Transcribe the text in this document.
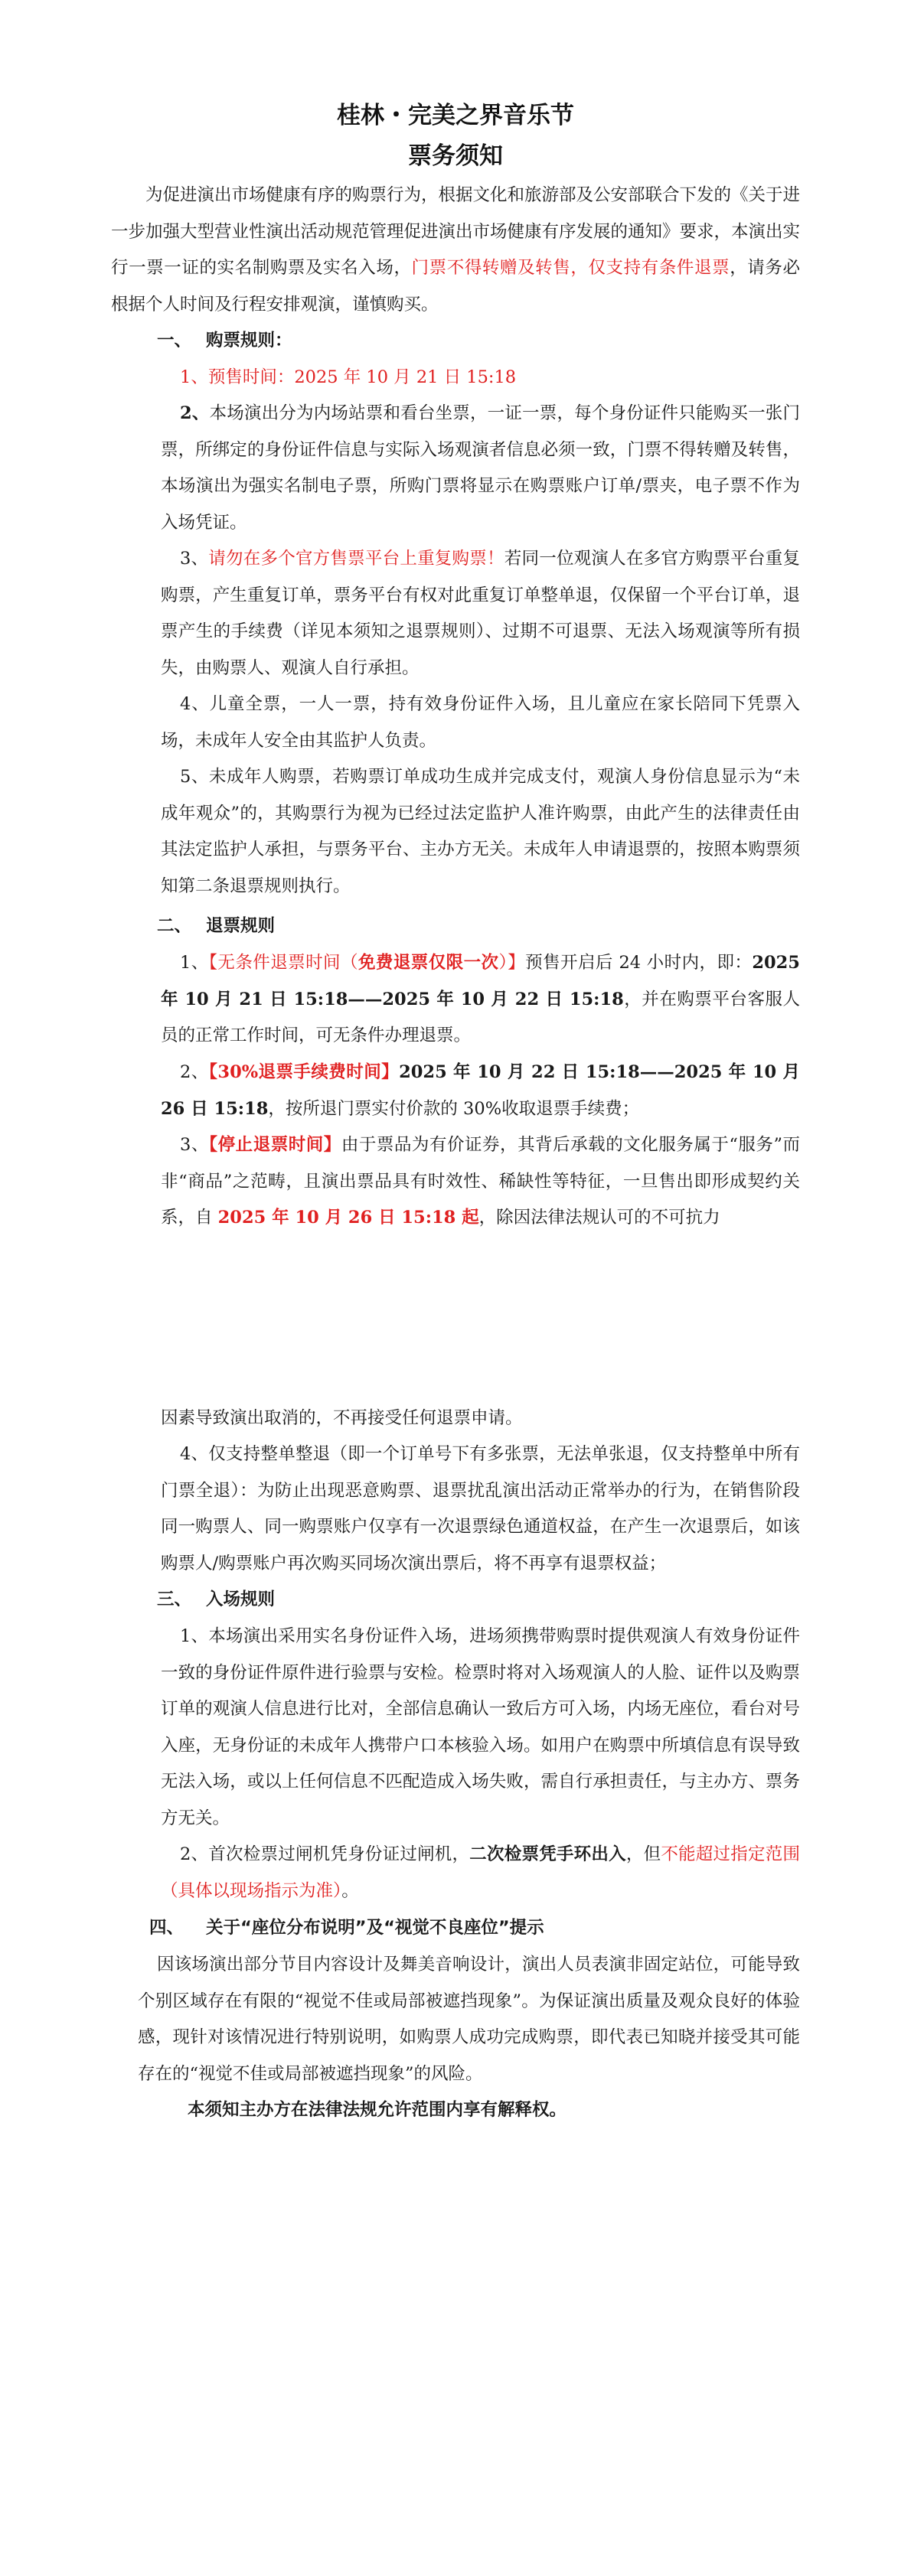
桂林・完美之界音乐节
票务须知
为促进演出市场健康有序的购票行为，根据文化和旅游部及公安部联合下发的《关于进一步加强大型营业性演出活动规范管理促进演出市场健康有序发展的通知》要求，本演出实行一票一证的实名制购票及实名入场，门票不得转赠及转售，仅支持有条件退票，请务必根据个人时间及行程安排观演，谨慎购买。
一、 购票规则：
1、预售时间：2025 年 10 月 21 日 15:18
2、本场演出分为内场站票和看台坐票，一证一票，每个身份证件只能购买一张门票，所绑定的身份证件信息与实际入场观演者信息必须一致，门票不得转赠及转售，本场演出为强实名制电子票，所购门票将显示在购票账户订单/票夹，电子票不作为入场凭证。
3、请勿在多个官方售票平台上重复购票！若同一位观演人在多官方购票平台重复购票，产生重复订单，票务平台有权对此重复订单整单退，仅保留一个平台订单，退票产生的手续费（详见本须知之退票规则）、过期不可退票、无法入场观演等所有损失，由购票人、观演人自行承担。
4、儿童全票，一人一票，持有效身份证件入场，且儿童应在家长陪同下凭票入场，未成年人安全由其监护人负责。
5、未成年人购票，若购票订单成功生成并完成支付，观演人身份信息显示为“未成年观众”的，其购票行为视为已经过法定监护人准许购票，由此产生的法律责任由其法定监护人承担，与票务平台、主办方无关。未成年人申请退票的，按照本购票须知第二条退票规则执行。
二、 退票规则
1、【无条件退票时间（免费退票仅限一次）】预售开启后 24 小时内，即：2025 年 10 月 21 日 15:18——2025 年 10 月 22 日 15:18，并在购票平台客服人员的正常工作时间，可无条件办理退票。
2、【30%退票手续费时间】2025 年 10 月 22 日 15:18——2025 年 10 月 26 日 15:18，按所退门票实付价款的 30%收取退票手续费；
3、【停止退票时间】由于票品为有价证券，其背后承载的文化服务属于“服务”而非“商品”之范畴，且演出票品具有时效性、稀缺性等特征，一旦售出即形成契约关系，自 2025 年 10 月 26 日 15:18 起，除因法律法规认可的不可抗力
因素导致演出取消的，不再接受任何退票申请。
4、仅支持整单整退（即一个订单号下有多张票，无法单张退，仅支持整单中所有门票全退）：为防止出现恶意购票、退票扰乱演出活动正常举办的行为，在销售阶段同一购票人、同一购票账户仅享有一次退票绿色通道权益，在产生一次退票后，如该购票人/购票账户再次购买同场次演出票后，将不再享有退票权益；
三、 入场规则
1、本场演出采用实名身份证件入场，进场须携带购票时提供观演人有效身份证件一致的身份证件原件进行验票与安检。检票时将对入场观演人的人脸、证件以及购票订单的观演人信息进行比对，全部信息确认一致后方可入场，内场无座位，看台对号入座，无身份证的未成年人携带户口本核验入场。如用户在购票中所填信息有误导致无法入场，或以上任何信息不匹配造成入场失败，需自行承担责任，与主办方、票务方无关。
2、首次检票过闸机凭身份证过闸机，二次检票凭手环出入，但不能超过指定范围（具体以现场指示为准）。
四、 关于“座位分布说明”及“视觉不良座位”提示
因该场演出部分节目内容设计及舞美音响设计，演出人员表演非固定站位，可能导致个别区域存在有限的“视觉不佳或局部被遮挡现象”。为保证演出质量及观众良好的体验感，现针对该情况进行特别说明，如购票人成功完成购票，即代表已知晓并接受其可能存在的“视觉不佳或局部被遮挡现象”的风险。
本须知主办方在法律法规允许范围内享有解释权。
